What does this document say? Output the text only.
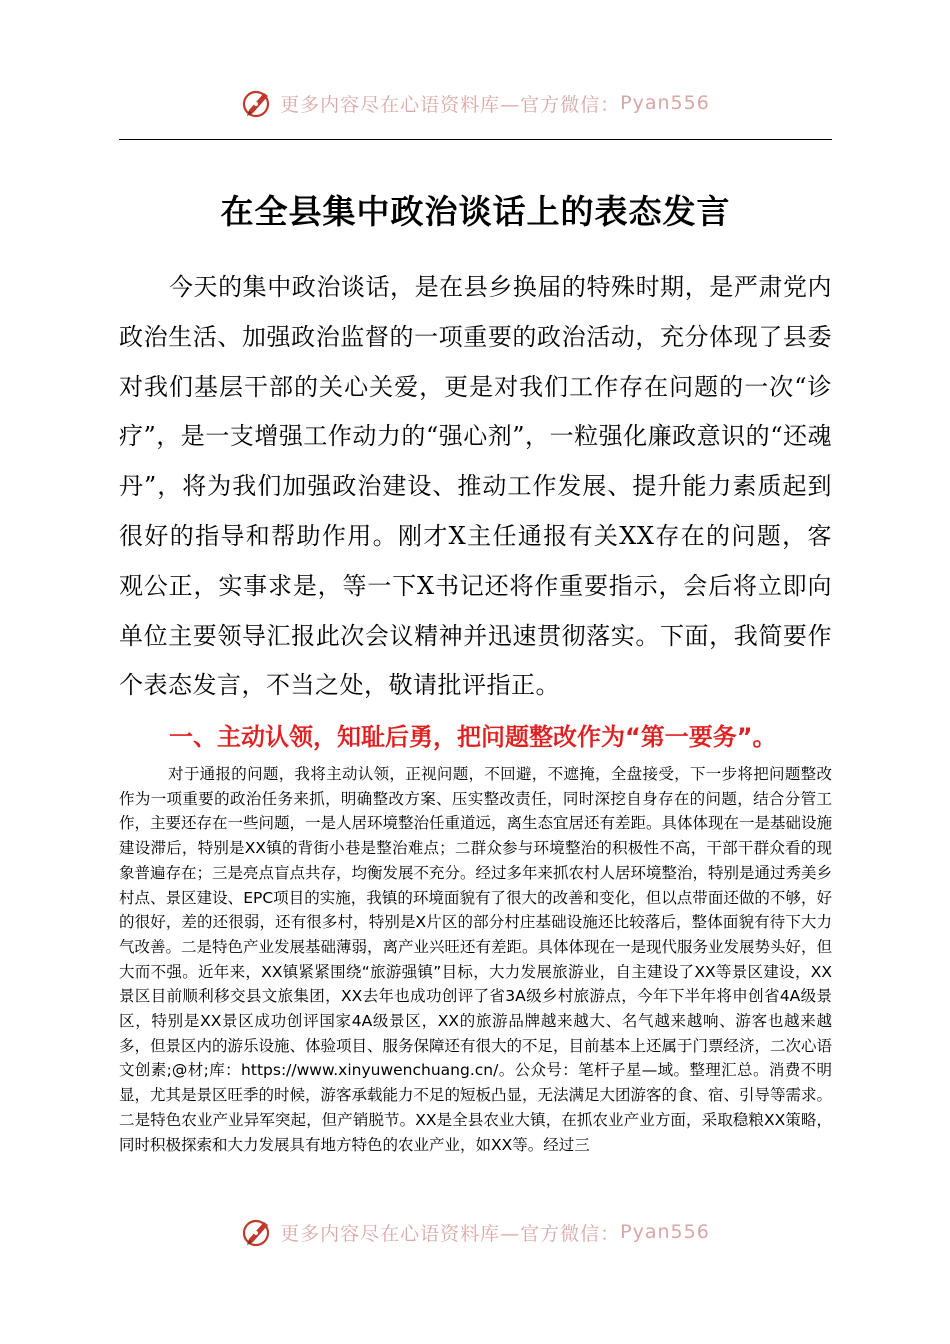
更多内容尽在心语资料库—官方微信： Pyan556
在全县集中政治谈话上的表态发言
今天的集中政治谈话，是在县乡换届的特殊时期，是严肃党内政治生活、加强政治监督的一项重要的政治活动，充分体现了县委对我们基层干部的关心关爱，更是对我们工作存在问题的一次“诊疗”，是一支增强工作动力的“强心剂”，一粒强化廉政意识的“还魂丹”，将为我们加强政治建设、推动工作发展、提升能力素质起到很好的指导和帮助作用。刚才X主任通报有关XX存在的问题，客观公正，实事求是，等一下X书记还将作重要指示，会后将立即向单位主要领导汇报此次会议精神并迅速贯彻落实。下面，我简要作个表态发言，不当之处，敬请批评指正。
一、主动认领，知耻后勇，把问题整改作为“第一要务”。
对于通报的问题，我将主动认领，正视问题，不回避，不遮掩，全盘接受，下一步将把问题整改作为一项重要的政治任务来抓，明确整改方案、压实整改责任，同时深挖自身存在的问题，结合分管工作，主要还存在一些问题，一是人居环境整治任重道远，离生态宜居还有差距。具体体现在一是基础设施建设滞后，特别是XX镇的背街小巷是整治难点；二群众参与环境整治的积极性不高，干部干群众看的现象普遍存在；三是亮点盲点共存，均衡发展不充分。经过多年来抓农村人居环境整治，特别是通过秀美乡村点、景区建设、EPC项目的实施，我镇的环境面貌有了很大的改善和变化，但以点带面还做的不够，好的很好，差的还很弱，还有很多村，特别是X片区的部分村庄基础设施还比较落后，整体面貌有待下大力气改善。二是特色产业发展基础薄弱，离产业兴旺还有差距。具体体现在一是现代服务业发展势头好，但大而不强。近年来，XX镇紧紧围绕“旅游强镇”目标，大力发展旅游业，自主建设了XX等景区建设，XX景区目前顺利移交县文旅集团，XX去年也成功创评了省3A级乡村旅游点，今年下半年将申创省4A级景区，特别是XX景区成功创评国家4A级景区，XX的旅游品牌越来越大、名气越来越响、游客也越来越多，但景区内的游乐设施、体验项目、服务保障还有很大的不足，目前基本上还属于门票经济，二次心语文创素;@材;库：https://www.xinyuwenchuang.cn/。公众号：笔杆子星—域。整理汇总。消费不明显，尤其是景区旺季的时候，游客承载能力不足的短板凸显，无法满足大团游客的食、宿、引导等需求。二是特色农业产业异军突起，但产销脱节。XX是全县农业大镇，在抓农业产业方面，采取稳粮XX策略，同时积极探索和大力发展具有地方特色的农业产业，如XX等。经过三
更多内容尽在心语资料库—官方微信： Pyan556
